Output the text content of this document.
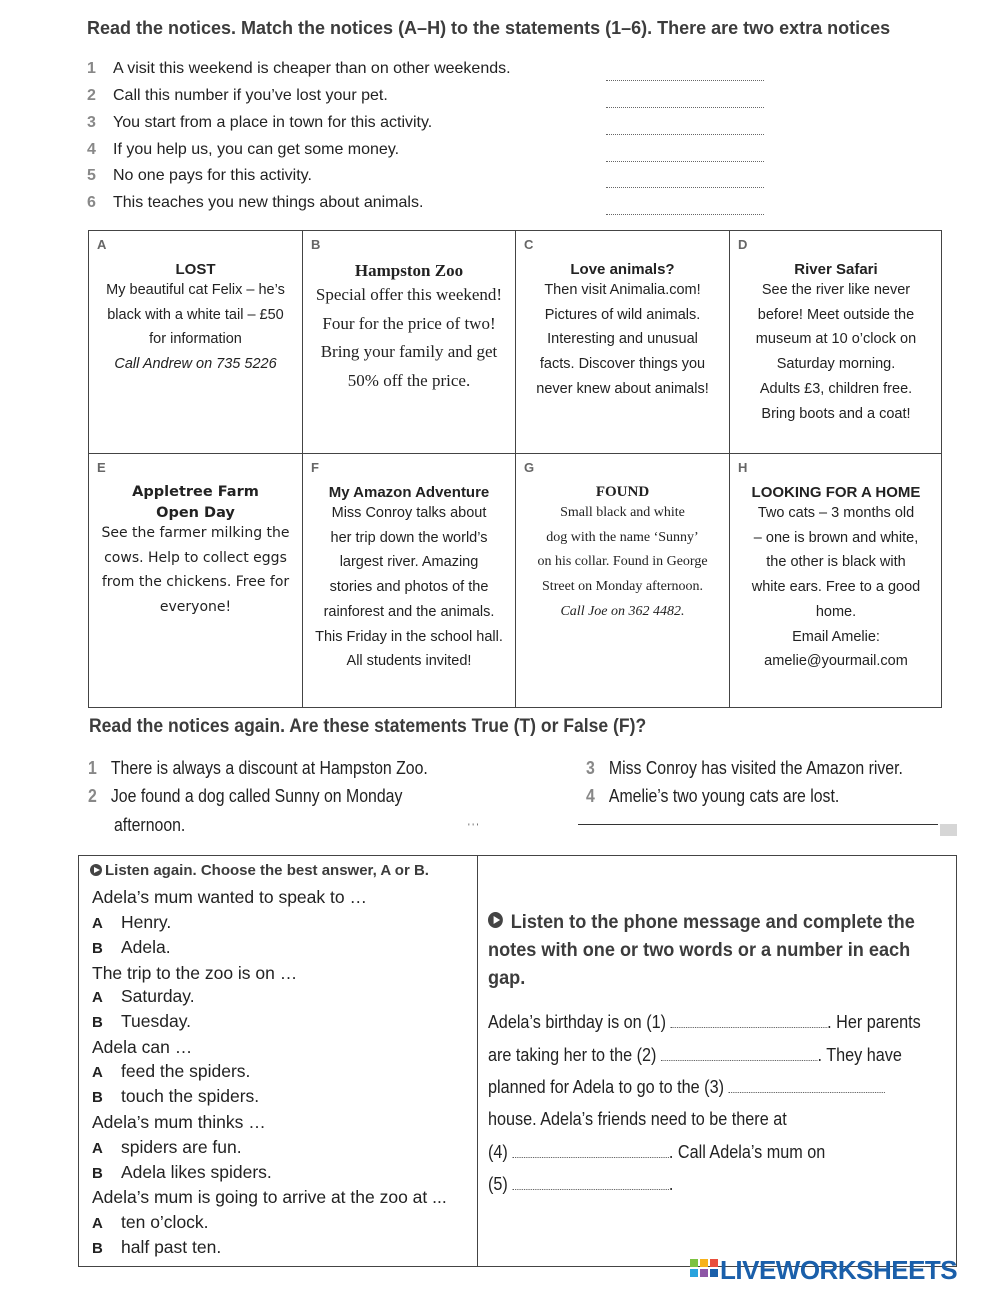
Read the notices. Match the notices (A–H) to the statements (1–6). There are two extra notices
1 A visit this weekend is cheaper than on other weekends.
2 Call this number if you’ve lost your pet.
3 You start from a place in town for this activity.
4 If you help us, you can get some money.
5 No one pays for this activity.
6 This teaches you new things about animals.
A
LOST

My beautiful cat Felix – he’s

black with a white tail – £50

for information

Call Andrew on 735 5226

B
Hampston Zoo

Special offer this weekend!

Four for the price of two!

Bring your family and get

50% off the price.

C
Love animals?

Then visit Animalia.com!

Pictures of wild animals.

Interesting and unusual

facts. Discover things you

never knew about animals!

D
River Safari

See the river like never

before! Meet outside the

museum at 10 o’clock on

Saturday morning.

Adults £3, children free.

Bring boots and a coat!

E
Appletree Farm
Open Day

See the farmer milking the

cows. Help to collect eggs

from the chickens. Free for

everyone!

F
My Amazon Adventure

Miss Conroy talks about

her trip down the world’s

largest river. Amazing

stories and photos of the

rainforest and the animals.

This Friday in the school hall.

All students invited!

G
FOUND

Small black and white

dog with the name ‘Sunny’

on his collar. Found in George

Street on Monday afternoon.

Call Joe on 362 4482.

H
LOOKING FOR A HOME

Two cats – 3 months old

– one is brown and white,

the other is black with

white ears. Free to a good

home.

Email Amelie:

amelie@yourmail.com

Read the notices again. Are these statements True (T) or False (F)?
1 There is always a discount at Hampston Zoo.
2 Joe found a dog called Sunny on Monday
afternoon.
3 Miss Conroy has visited the Amazon river.
4 Amelie’s two young cats are lost.
' ' '
Listen again. Choose the best answer, A or B.
Adela’s mum wanted to speak to …
A Henry.
B Adela.
The trip to the zoo is on …
A Saturday.
B Tuesday.
Adela can …
A feed the spiders.
B touch the spiders.
Adela’s mum thinks …
A spiders are fun.
B Adela likes spiders.
Adela’s mum is going to arrive at the zoo at ...
A ten o’clock.
B half past ten.
Listen to the phone message and complete the notes with one or two words or a number in each gap.
Adela’s birthday is on (1)	. Her parents
are taking her to the (2)	. They have
planned for Adela to go to the (3)
house. Adela’s friends need to be there at
(4)	. Call Adela’s mum on
(5)	.
LIVEWORKSHEETS
